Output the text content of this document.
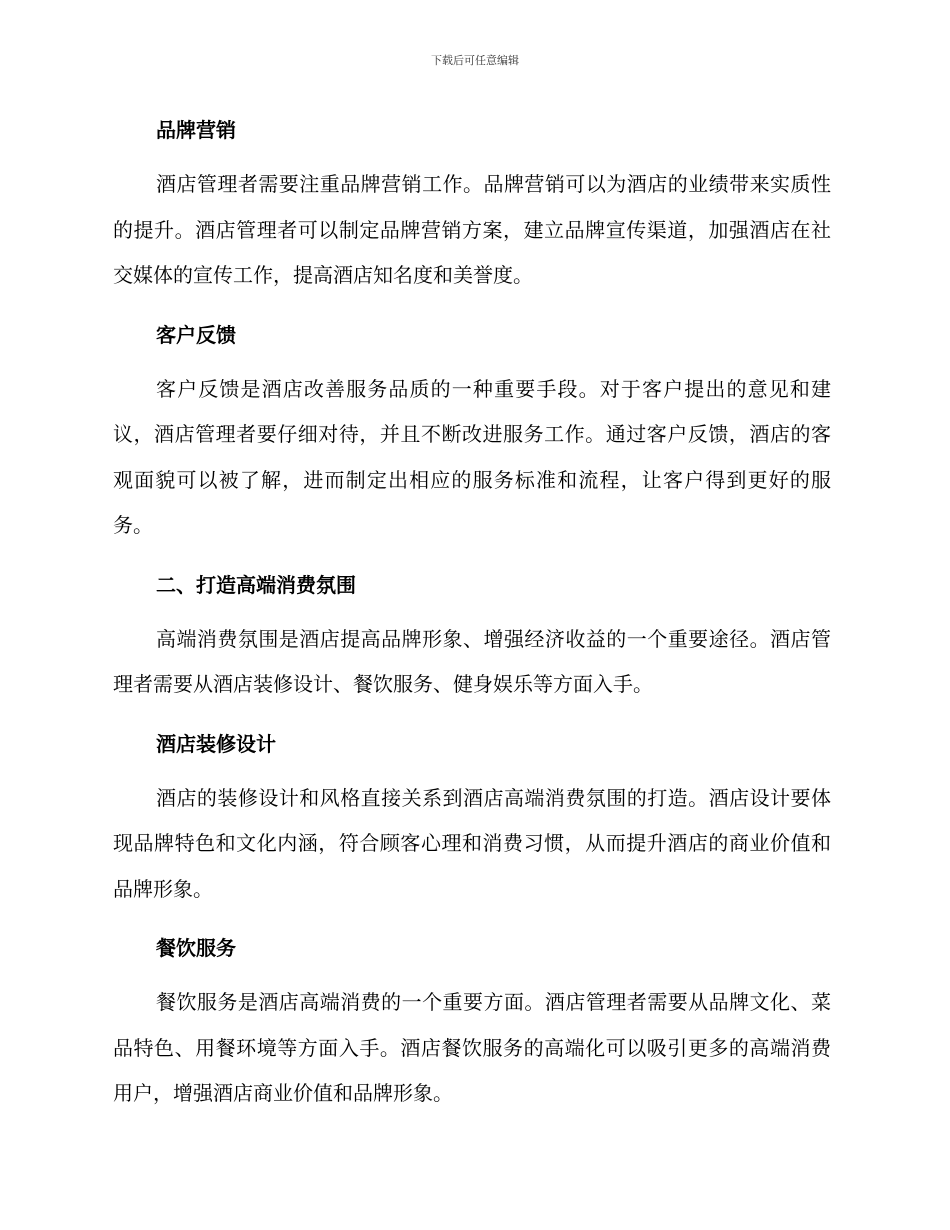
下载后可任意编辑
品牌营销

酒店管理者需要注重品牌营销工作。品牌营销可以为酒店的业绩带来实质性的提升。酒店管理者可以制定品牌营销方案，建立品牌宣传渠道，加强酒店在社交媒体的宣传工作，提高酒店知名度和美誉度。

客户反馈

客户反馈是酒店改善服务品质的一种重要手段。对于客户提出的意见和建议，酒店管理者要仔细对待，并且不断改进服务工作。通过客户反馈，酒店的客观面貌可以被了解，进而制定出相应的服务标准和流程，让客户得到更好的服务。

二、打造高端消费氛围

高端消费氛围是酒店提高品牌形象、增强经济收益的一个重要途径。酒店管理者需要从酒店装修设计、餐饮服务、健身娱乐等方面入手。

酒店装修设计

酒店的装修设计和风格直接关系到酒店高端消费氛围的打造。酒店设计要体现品牌特色和文化内涵，符合顾客心理和消费习惯，从而提升酒店的商业价值和品牌形象。

餐饮服务

餐饮服务是酒店高端消费的一个重要方面。酒店管理者需要从品牌文化、菜品特色、用餐环境等方面入手。酒店餐饮服务的高端化可以吸引更多的高端消费用户，增强酒店商业价值和品牌形象。
